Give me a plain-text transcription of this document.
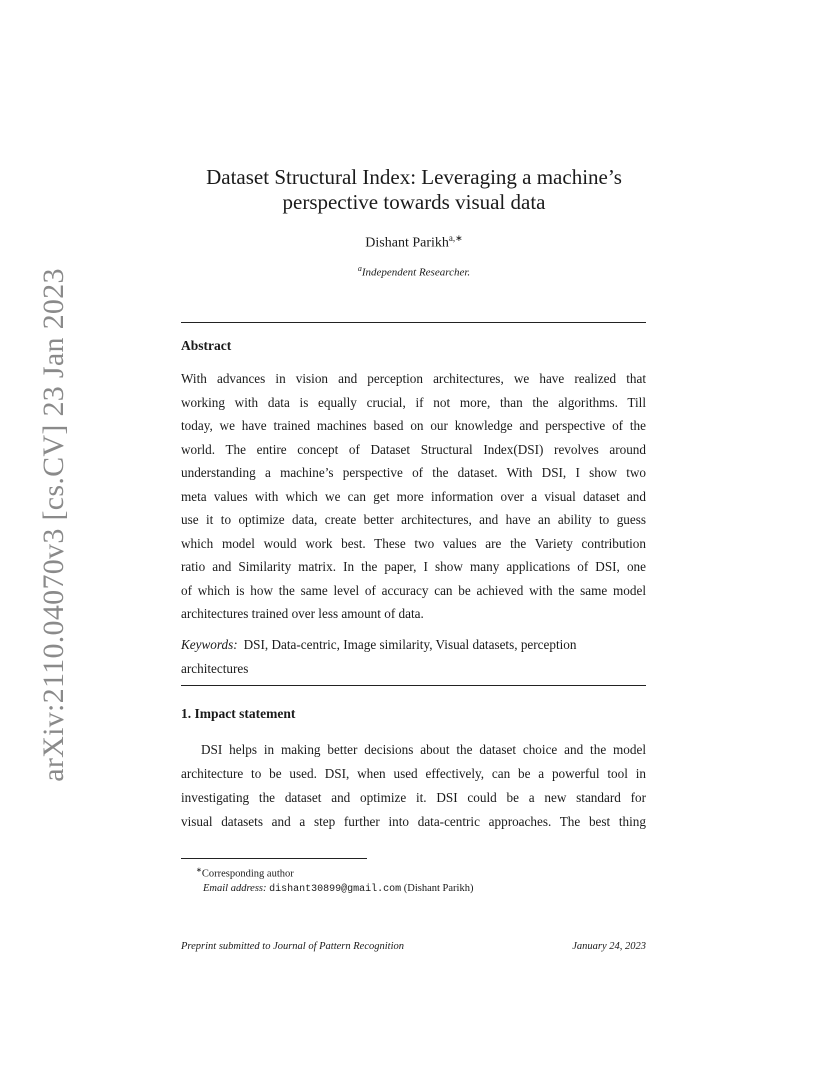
arXiv:2110.04070v3 [cs.CV] 23 Jan 2023
Dataset Structural Index: Leveraging a machine’s
perspective towards visual data
Dishant Parikh$^{a,∗}$
$^a$Independent Researcher.
Abstract
With advances in vision and perception architectures, we have realized that
working with data is equally crucial, if not more, than the algorithms. Till
today, we have trained machines based on our knowledge and perspective of the
world. The entire concept of Dataset Structural Index(DSI) revolves around
understanding a machine’s perspective of the dataset. With DSI, I show two
meta values with which we can get more information over a visual dataset and
use it to optimize data, create better architectures, and have an ability to guess
which model would work best. These two values are the Variety contribution
ratio and Similarity matrix. In the paper, I show many applications of DSI, one
of which is how the same level of accuracy can be achieved with the same model
architectures trained over less amount of data.
Keywords: DSI, Data-centric, Image similarity, Visual datasets, perception
architectures
1. Impact statement
DSI helps in making better decisions about the dataset choice and the model
architecture to be used. DSI, when used effectively, can be a powerful tool in
investigating the dataset and optimize it. DSI could be a new standard for
visual datasets and a step further into data-centric approaches. The best thing
∗Corresponding author
Email address: dishant30899@gmail.com (Dishant Parikh)
Preprint submitted to Journal of Pattern Recognition	January 24, 2023
